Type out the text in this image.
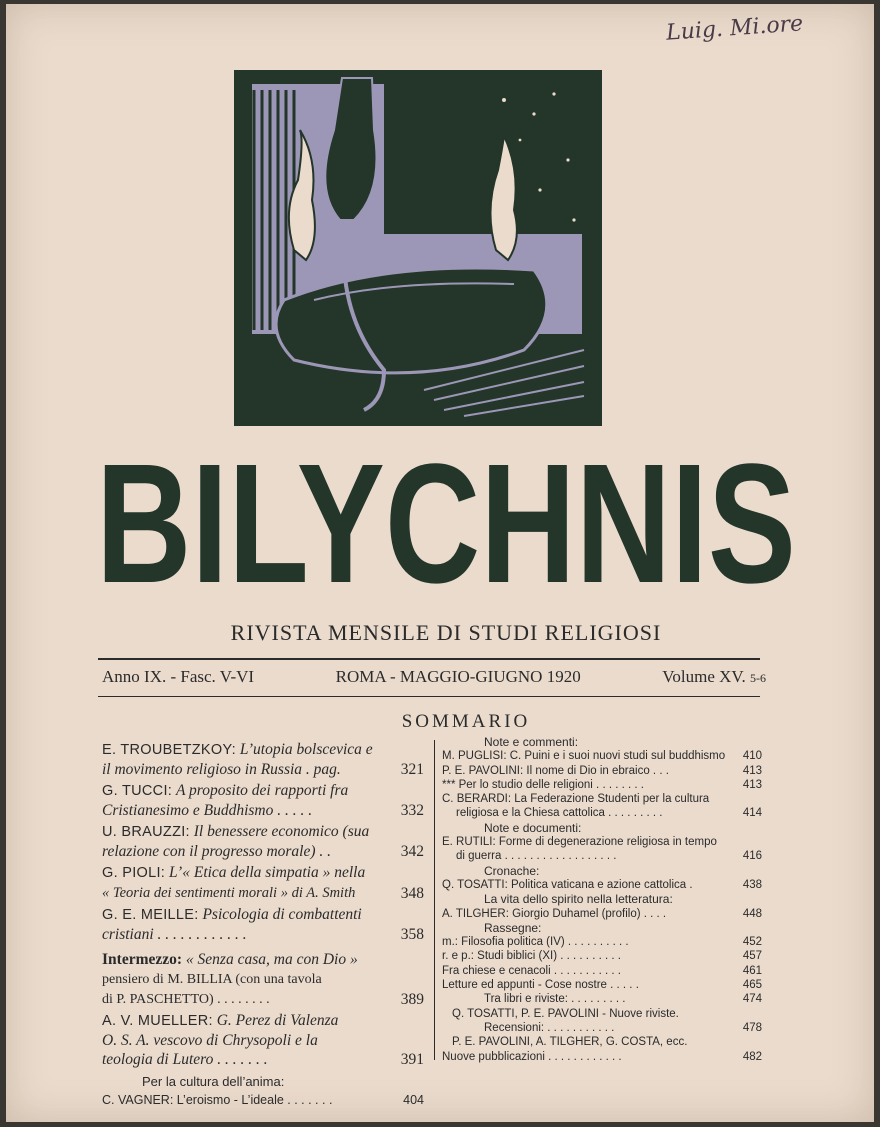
Luig. Mi.ore
BILYCHNIS
RIVISTA MENSILE DI STUDI RELIGIOSI
Anno IX. - Fasc. V-VI	ROMA - MAGGIO-GIUGNO 1920	Volume XV. 5-6
SOMMARIO
E. TROUBETZKOY: L’utopia bolscevica e
il movimento religioso in Russia . pag.	321
G. TUCCI: A proposito dei rapporti fra
Cristianesimo e Buddhismo . . . . .	332
U. BRAUZZI: Il benessere economico (sua
relazione con il progresso morale) . .	342
G. PIOLI: L’« Etica della simpatia » nella
« Teoria dei sentimenti morali » di A. Smith	348
G. E. MEILLE: Psicologia di combattenti
cristiani . . . . . . . . . . . .	358
Intermezzo: « Senza casa, ma con Dio »
pensiero di M. BILLIA (con una tavola
di P. PASCHETTO) . . . . . . . .	389
A. V. MUELLER: G. Perez di Valenza
O. S. A. vescovo di Chrysopoli e la
teologia di Lutero . . . . . . .	391
Per la cultura dell’anima:
C. VAGNER: L’eroismo - L’ideale . . . . . . .	404
Note e commenti:
M. PUGLISI: C. Puini e i suoi nuovi studi sul buddhismo 410
P. E. PAVOLINI: Il nome di Dio in ebraico . . .	413
*** Per lo studio delle religioni . . . . . . . .	413
C. BERARDI: La Federazione Studenti per la cultura
religiosa e la Chiesa cattolica . . . . . . . . .	414
Note e documenti:
E. RUTILI: Forme di degenerazione religiosa in tempo
di guerra . . . . . . . . . . . . . . . . . .	416
Cronache:
Q. TOSATTI: Politica vaticana e azione cattolica .	438
La vita dello spirito nella letteratura:
A. TILGHER: Giorgio Duhamel (profilo) . . . .	448
Rassegne:
m.: Filosofia politica (IV) . . . . . . . . . .	452
r. e p.: Studi biblici (XI) . . . . . . . . . .	457
Fra chiese e cenacoli . . . . . . . . . . .	461
Letture ed appunti - Cose nostre . . . . .	465
Tra libri e riviste: . . . . . . . . .	474
Q. TOSATTI, P. E. PAVOLINI - Nuove riviste.
Recensioni: . . . . . . . . . . .	478
P. E. PAVOLINI, A. TILGHER, G. COSTA, ecc.
Nuove pubblicazioni . . . . . . . . . . . .	482
